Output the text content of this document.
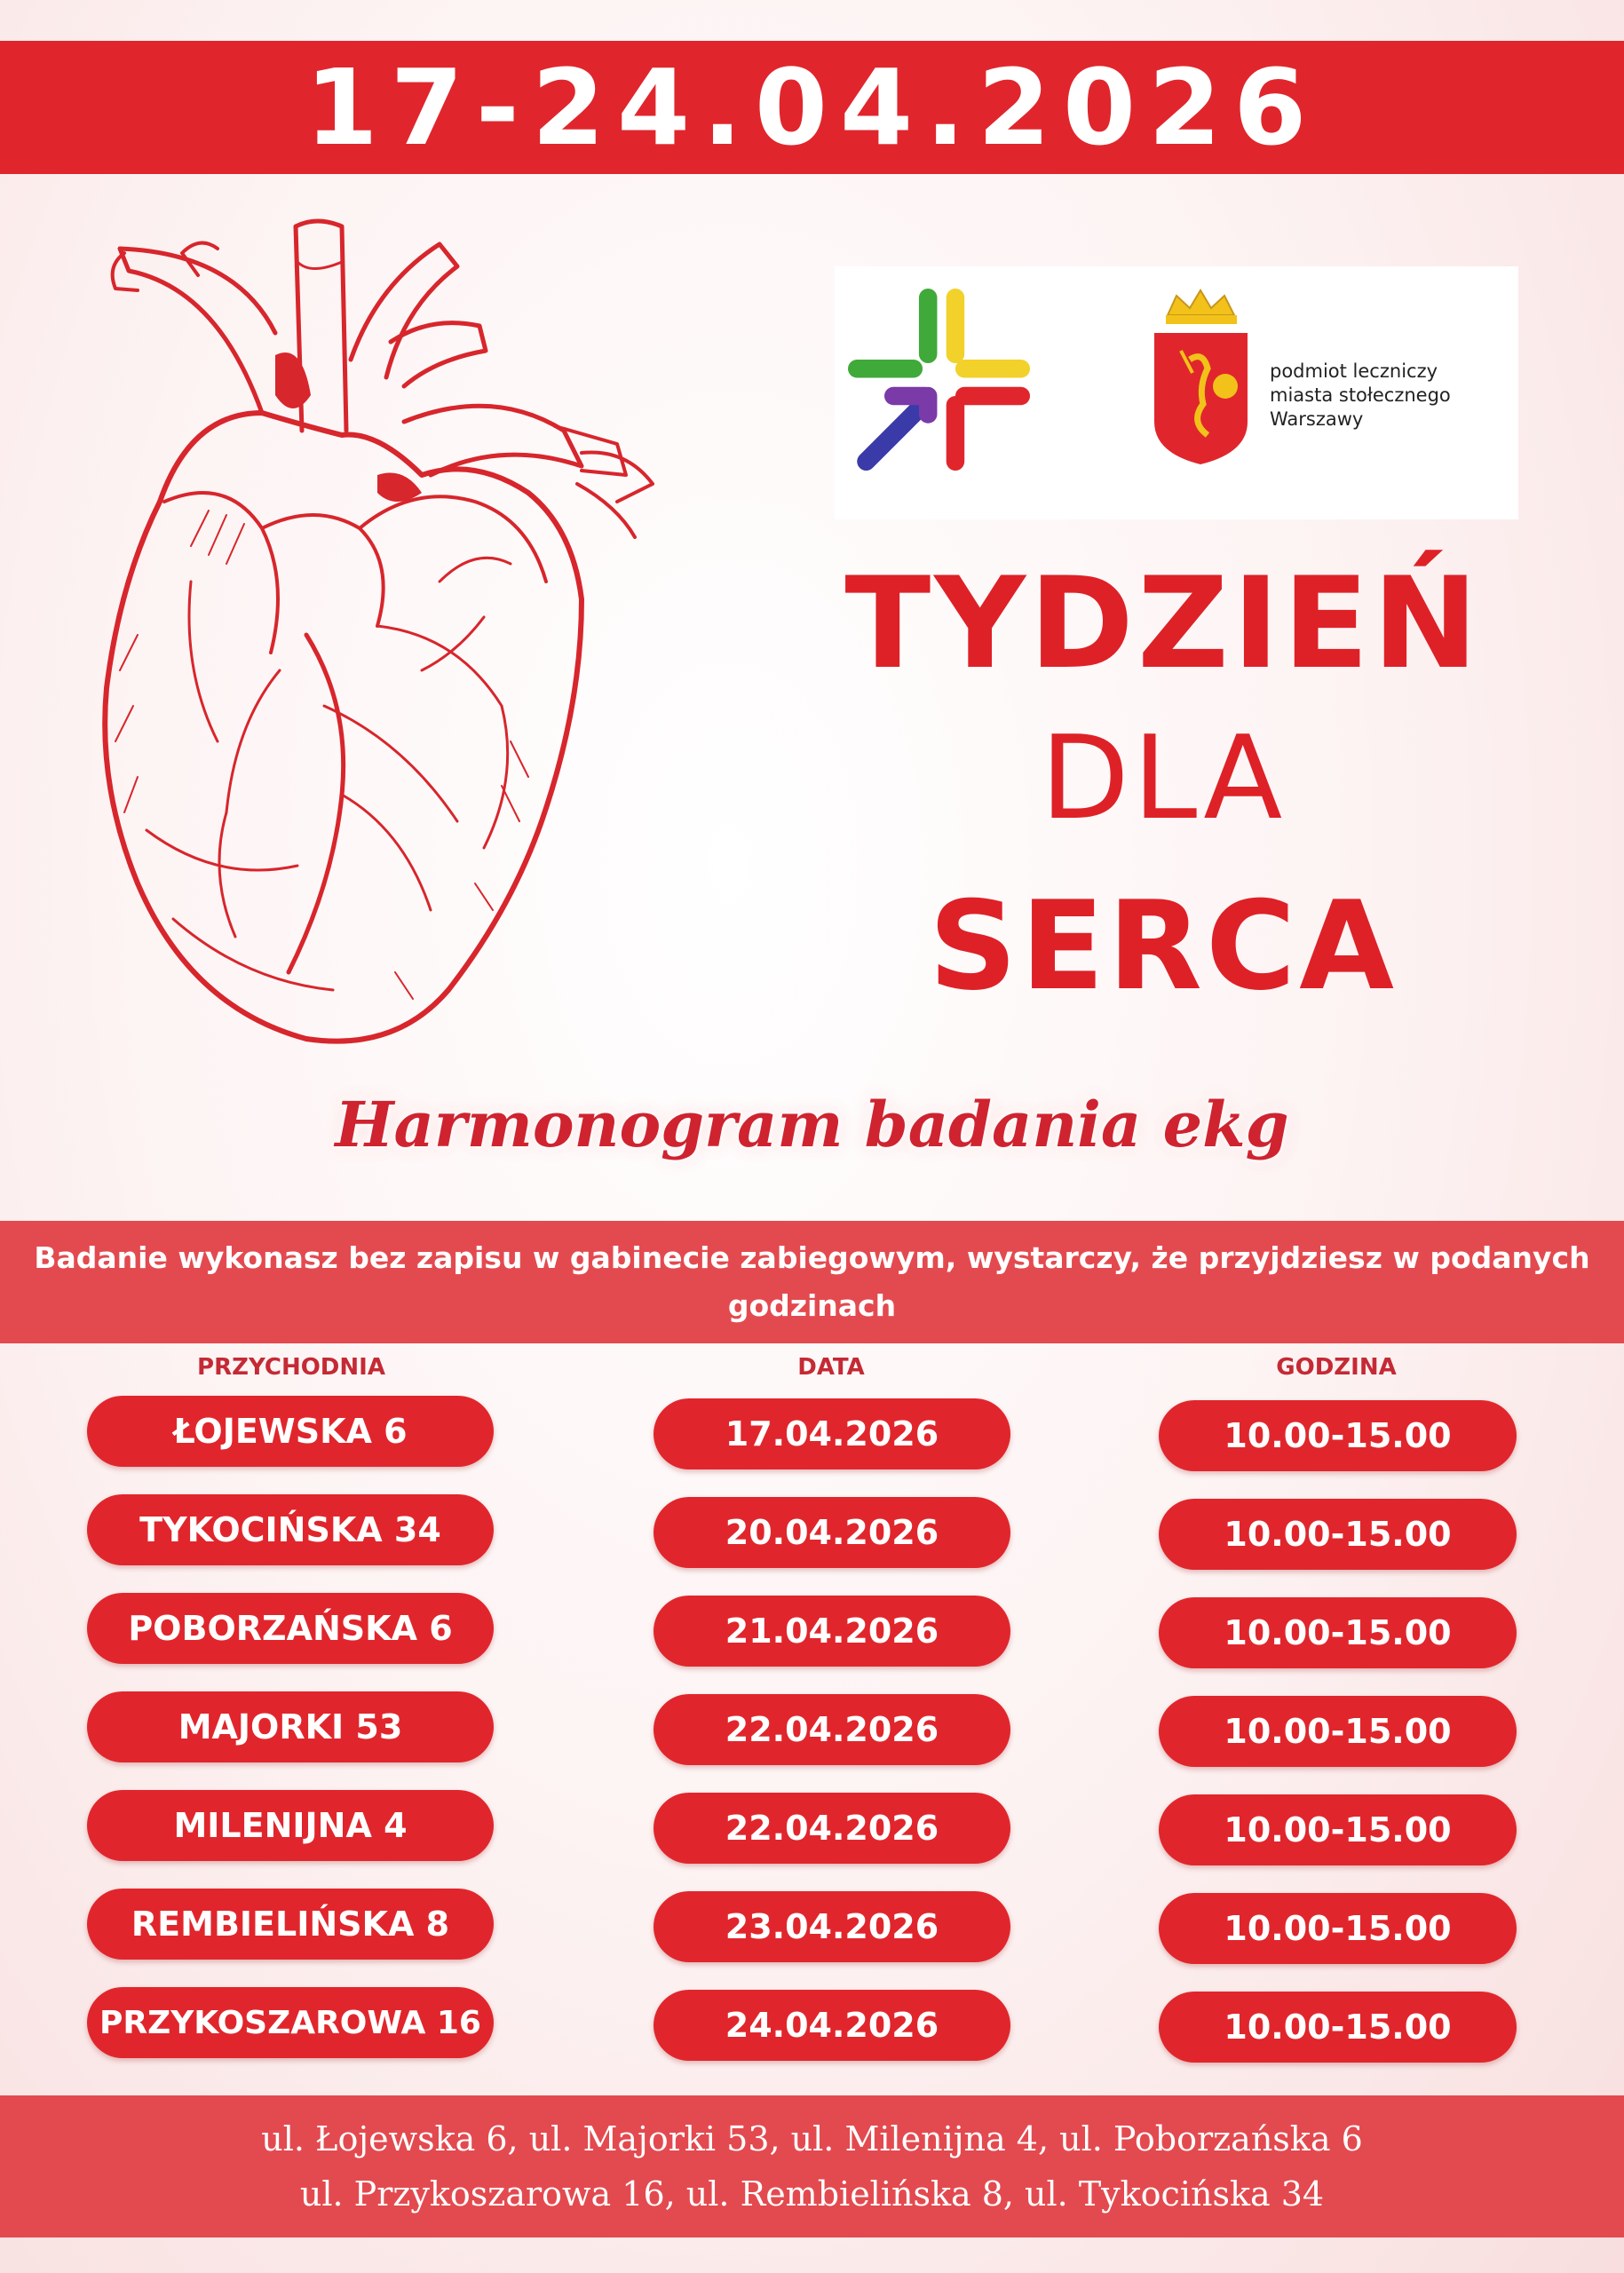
17-24.04.2026
podmiot leczniczy
miasta stołecznego
Warszawy
TYDZIEŃ
DLA
SERCA
Harmonogram badania ekg
Badanie wykonasz bez zapisu w gabinecie zabiegowym, wystarczy, że przyjdziesz w podanych godzinach
PRZYCHODNIA	DATA	GODZINA
ŁOJEWSKA 6	17.04.2026	10.00-15.00
TYKOCIŃSKA 34	20.04.2026	10.00-15.00
POBORZAŃSKA 6	21.04.2026	10.00-15.00
MAJORKI 53	22.04.2026	10.00-15.00
MILENIJNA 4	22.04.2026	10.00-15.00
REMBIELIŃSKA 8	23.04.2026	10.00-15.00
PRZYKOSZAROWA 16	24.04.2026	10.00-15.00
ul. Łojewska 6, ul. Majorki 53, ul. Milenijna 4, ul. Poborzańska 6
ul. Przykoszarowa 16, ul. Rembielińska 8, ul. Tykocińska 34
